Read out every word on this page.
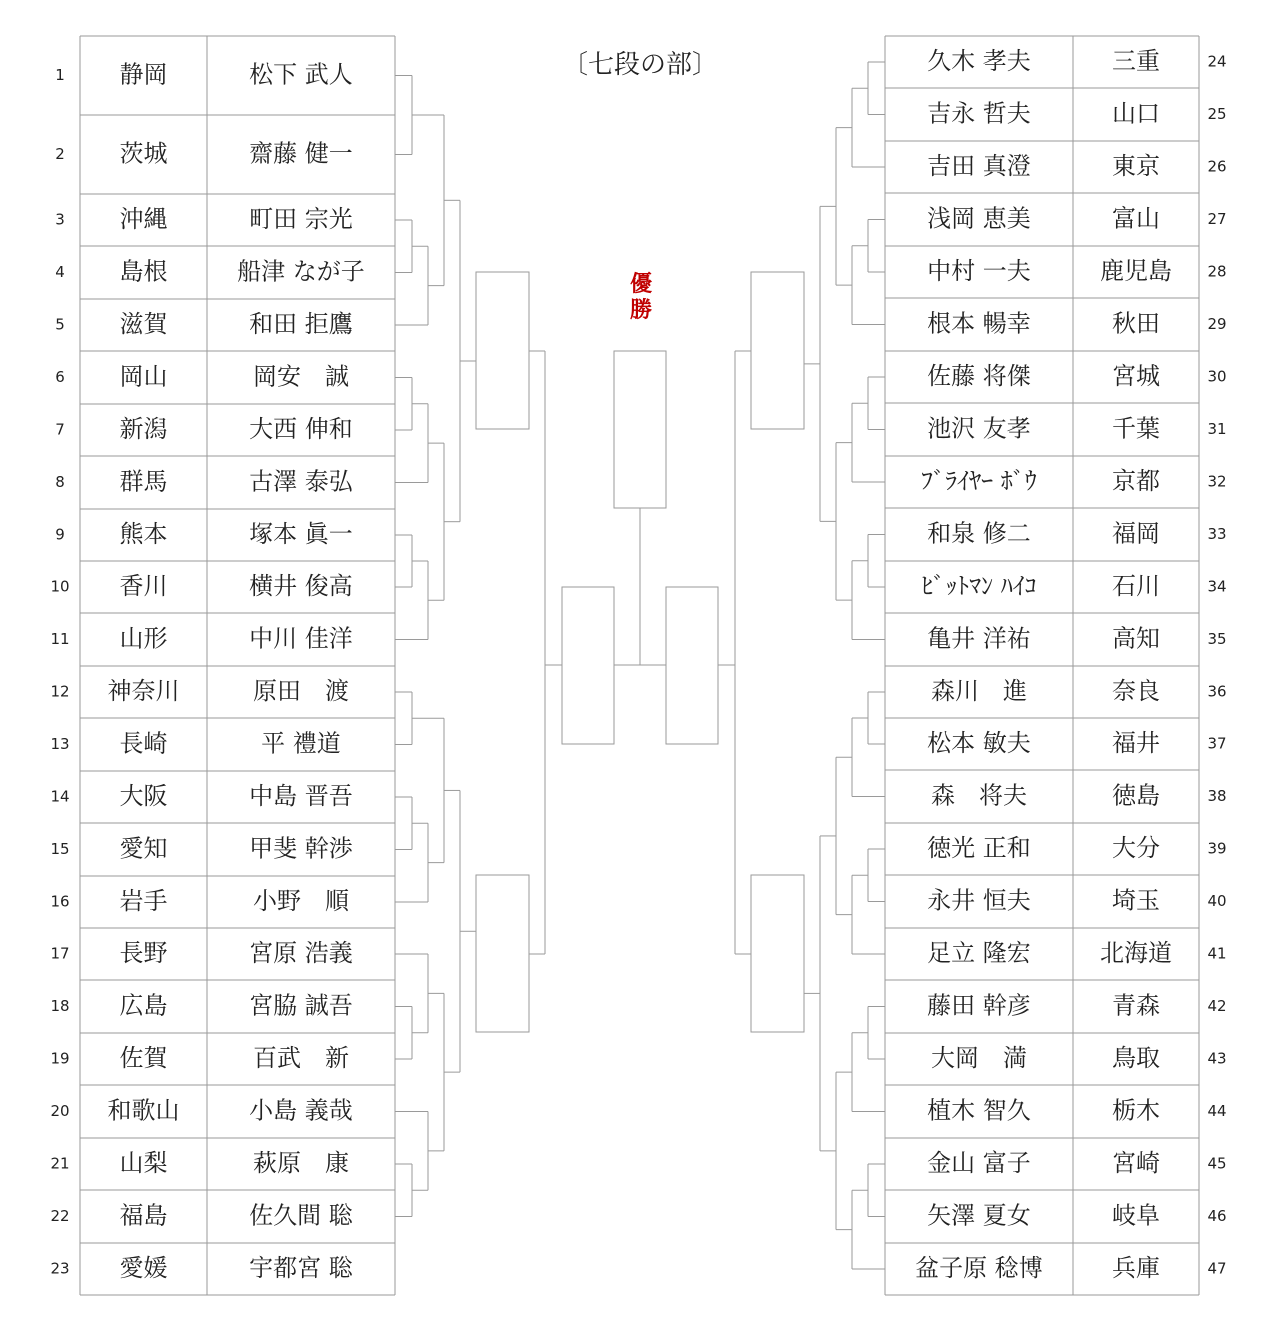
1 静岡	松下 武人
2 茨城	齋藤 健一
3 沖縄	町田 宗光
4 島根	船津 なが子
5 滋賀	和田 拒鷹
6 岡山	岡安　誠
7 新潟	大西 伸和
8 群馬	古澤 泰弘
9 熊本	塚本 眞一
10 香川	横井 俊高
11 山形	中川 佳洋
12 神奈川	原田　渡
13 長崎	平 禮道
14 大阪	中島 晋吾
15 愛知	甲斐 幹渉
16 岩手	小野　順
17 長野	宮原 浩義
18 広島	宮脇 誠吾
19 佐賀	百武　新
20 和歌山	小島 義哉
21 山梨	萩原　康
22 福島	佐久間 聡
23 愛媛	宇都宮 聡
久木 孝夫	三重	24
吉永 哲夫	山口	25
吉田 真澄	東京	26
浅岡 恵美	富山	27
中村 一夫	鹿児島 28
根本 暢幸	秋田	29
佐藤 将傑	宮城	30
池沢 友孝	千葉	31
ﾌﾞﾗｲﾔｰ ﾎﾞｳ	京都	32
和泉 修二	福岡	33
ﾋﾞｯﾄﾏﾝ ﾊｲｺ	石川	34
亀井 洋祐	高知	35
森川　進	奈良	36
松本 敏夫	福井	37
森　将夫	徳島	38
徳光 正和	大分	39
永井 恒夫	埼玉	40
足立 隆宏	北海道 41
藤田 幹彦	青森	42
大岡　満	鳥取	43
植木 智久	栃木	44
金山 富子	宮崎	45
矢澤 夏女	岐阜	46
盆子原 稔博	兵庫	47
〔七段の部〕
優
勝
